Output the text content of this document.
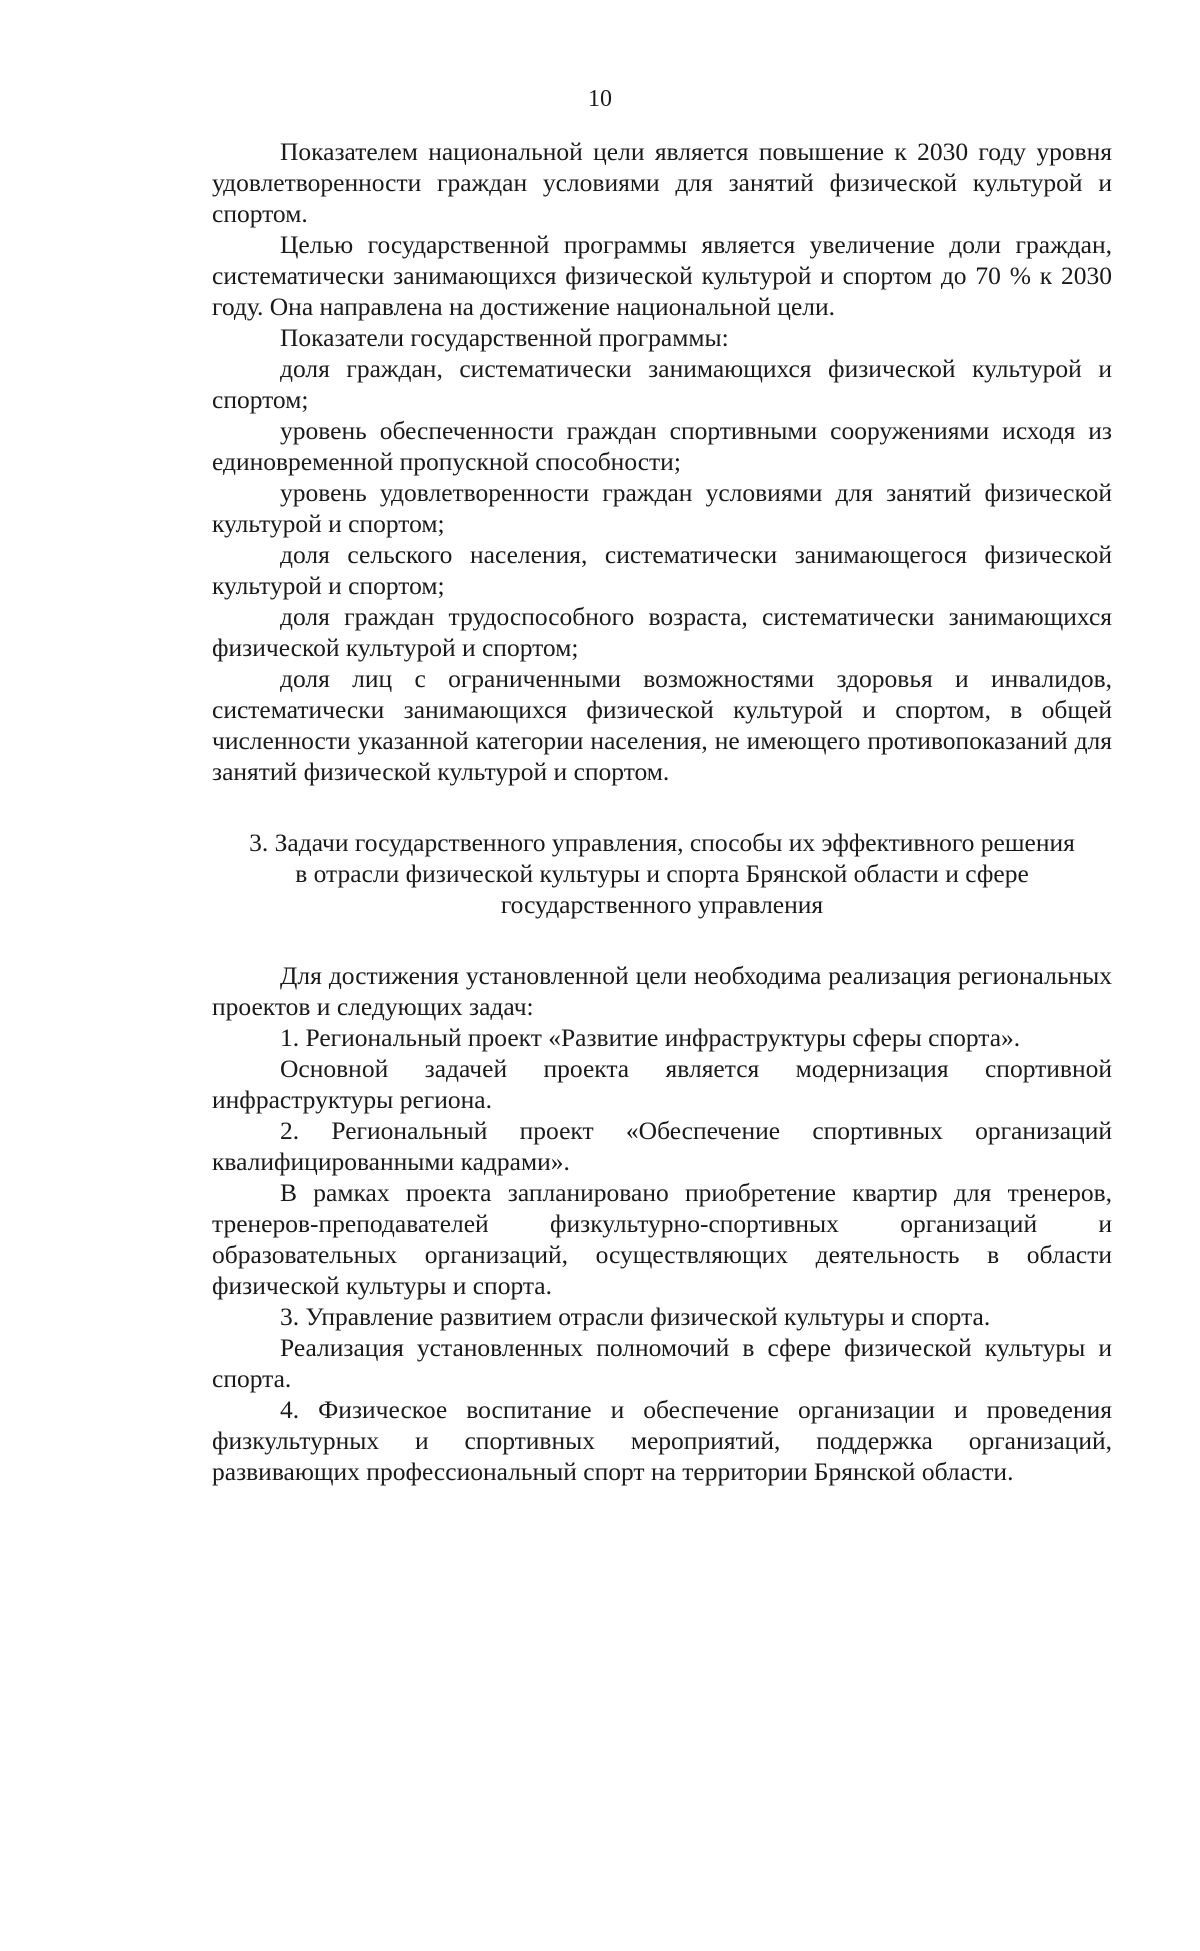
10

Показателем национальной цели является повышение к 2030 году уровня удовлетворенности граждан условиями для занятий физической культурой и спортом.

Целью государственной программы является увеличение доли граждан, систематически занимающихся физической культурой и спортом до 70 % к 2030 году. Она направлена на достижение национальной цели.

Показатели государственной программы:

доля граждан, систематически занимающихся физической культурой и спортом;

уровень обеспеченности граждан спортивными сооружениями исходя из единовременной пропускной способности;

уровень удовлетворенности граждан условиями для занятий физической культурой и спортом;

доля сельского населения, систематически занимающегося физической культурой и спортом;

доля граждан трудоспособного возраста, систематически занимающихся физической культурой и спортом;

доля лиц с ограниченными возможностями здоровья и инвалидов, систематически занимающихся физической культурой и спортом, в общей численности указанной категории населения, не имеющего противопоказаний для занятий физической культурой и спортом.

3. Задачи государственного управления, способы их эффективного решения
в отрасли физической культуры и спорта Брянской области и сфере
государственного управления

Для достижения установленной цели необходима реализация региональных проектов и следующих задач:

1. Региональный проект «Развитие инфраструктуры сферы спорта».

Основной задачей проекта является модернизация спортивной инфраструктуры региона.

2. Региональный проект «Обеспечение спортивных организаций квалифицированными кадрами».

В рамках проекта запланировано приобретение квартир для тренеров, тренеров-преподавателей физкультурно-спортивных организаций и образовательных организаций, осуществляющих деятельность в области физической культуры и спорта.

3. Управление развитием отрасли физической культуры и спорта.

Реализация установленных полномочий в сфере физической культуры и спорта.

4. Физическое воспитание и обеспечение организации и проведения физкультурных и спортивных мероприятий, поддержка организаций, развивающих профессиональный спорт на территории Брянской области.
